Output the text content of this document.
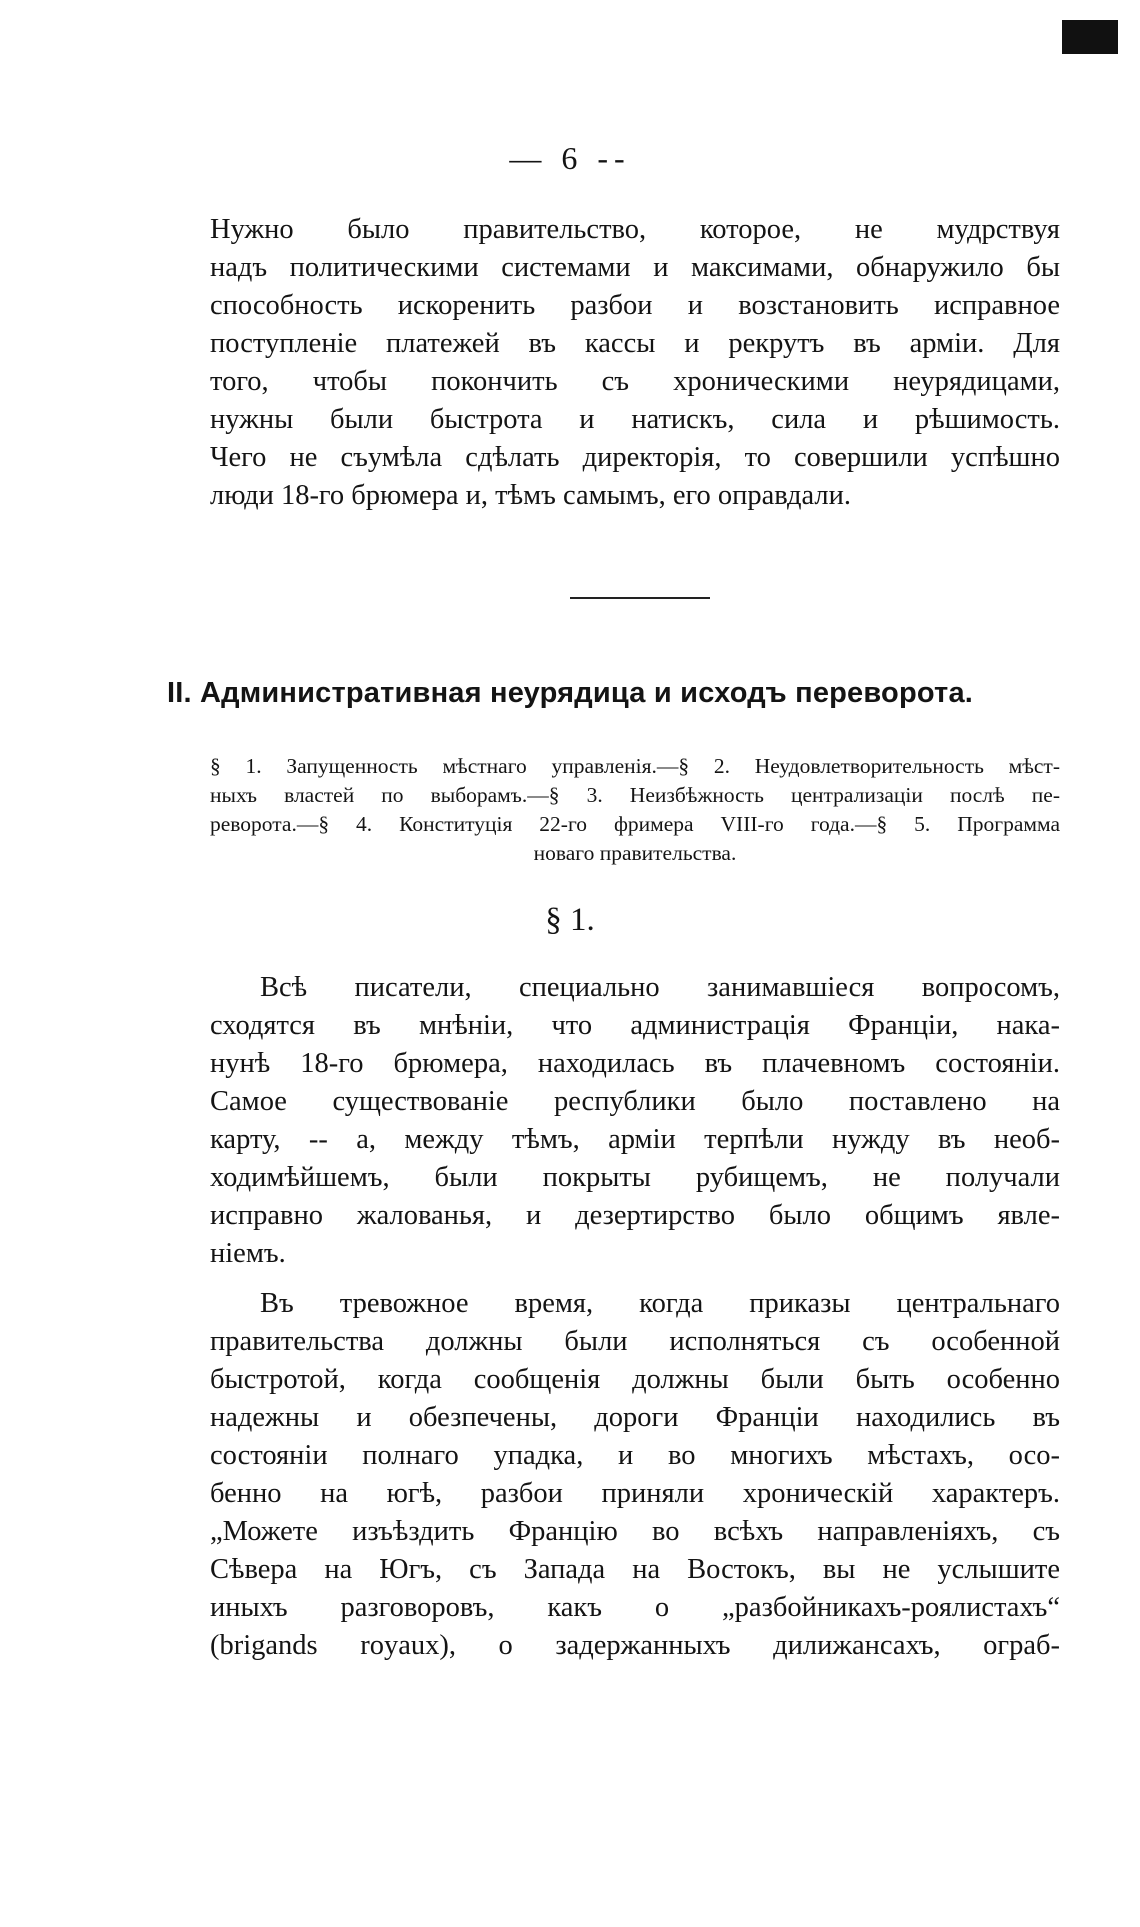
— 6 --
Нужно было правительство, которое, не мудрствуя
надъ политическими системами и максимами, обнаружило бы
способность искоренить разбои и возстановить исправное
поступленіе платежей въ кассы и рекрутъ въ арміи. Для
того, чтобы покончить съ хроническими неурядицами,
нужны были быстрота и натискъ, сила и рѣшимость.
Чего не съумѣла сдѣлать директорія, то совершили успѣшно
люди 18-го брюмера и, тѣмъ самымъ, его оправдали.
II. Административная неурядица и исходъ переворота.
§ 1. Запущенность мѣстнаго управленія.—§ 2. Неудовлетворительность мѣст-
ныхъ властей по выборамъ.—§ 3. Неизбѣжность централизаціи послѣ пе-
реворота.—§ 4. Конституція 22-го фримера VIII-го года.—§ 5. Программа
новаго правительства.
§ 1.
Всѣ писатели, специально занимавшіеся вопросомъ,
сходятся въ мнѣніи, что администрація Франціи, нака-
нунѣ 18-го брюмера, находилась въ плачевномъ состояніи.
Самое существованіе республики было поставлено на
карту, -- а, между тѣмъ, арміи терпѣли нужду въ необ-
ходимѣйшемъ, были покрыты рубищемъ, не получали
исправно жалованья, и дезертирство было общимъ явле-
ніемъ.
Въ тревожное время, когда приказы центральнаго
правительства должны были исполняться съ особенной
быстротой, когда сообщенія должны были быть особенно
надежны и обезпечены, дороги Франціи находились въ
состояніи полнаго упадка, и во многихъ мѣстахъ, осо-
бенно на югѣ, разбои приняли хроническій характеръ.
„Можете изъѣздить Францію во всѣхъ направленіяхъ, съ
Сѣвера на Югъ, съ Запада на Востокъ, вы не услышите
иныхъ разговоровъ, какъ о „разбойникахъ-роялистахъ“
(brigands royaux), о задержанныхъ дилижансахъ, ограб-
